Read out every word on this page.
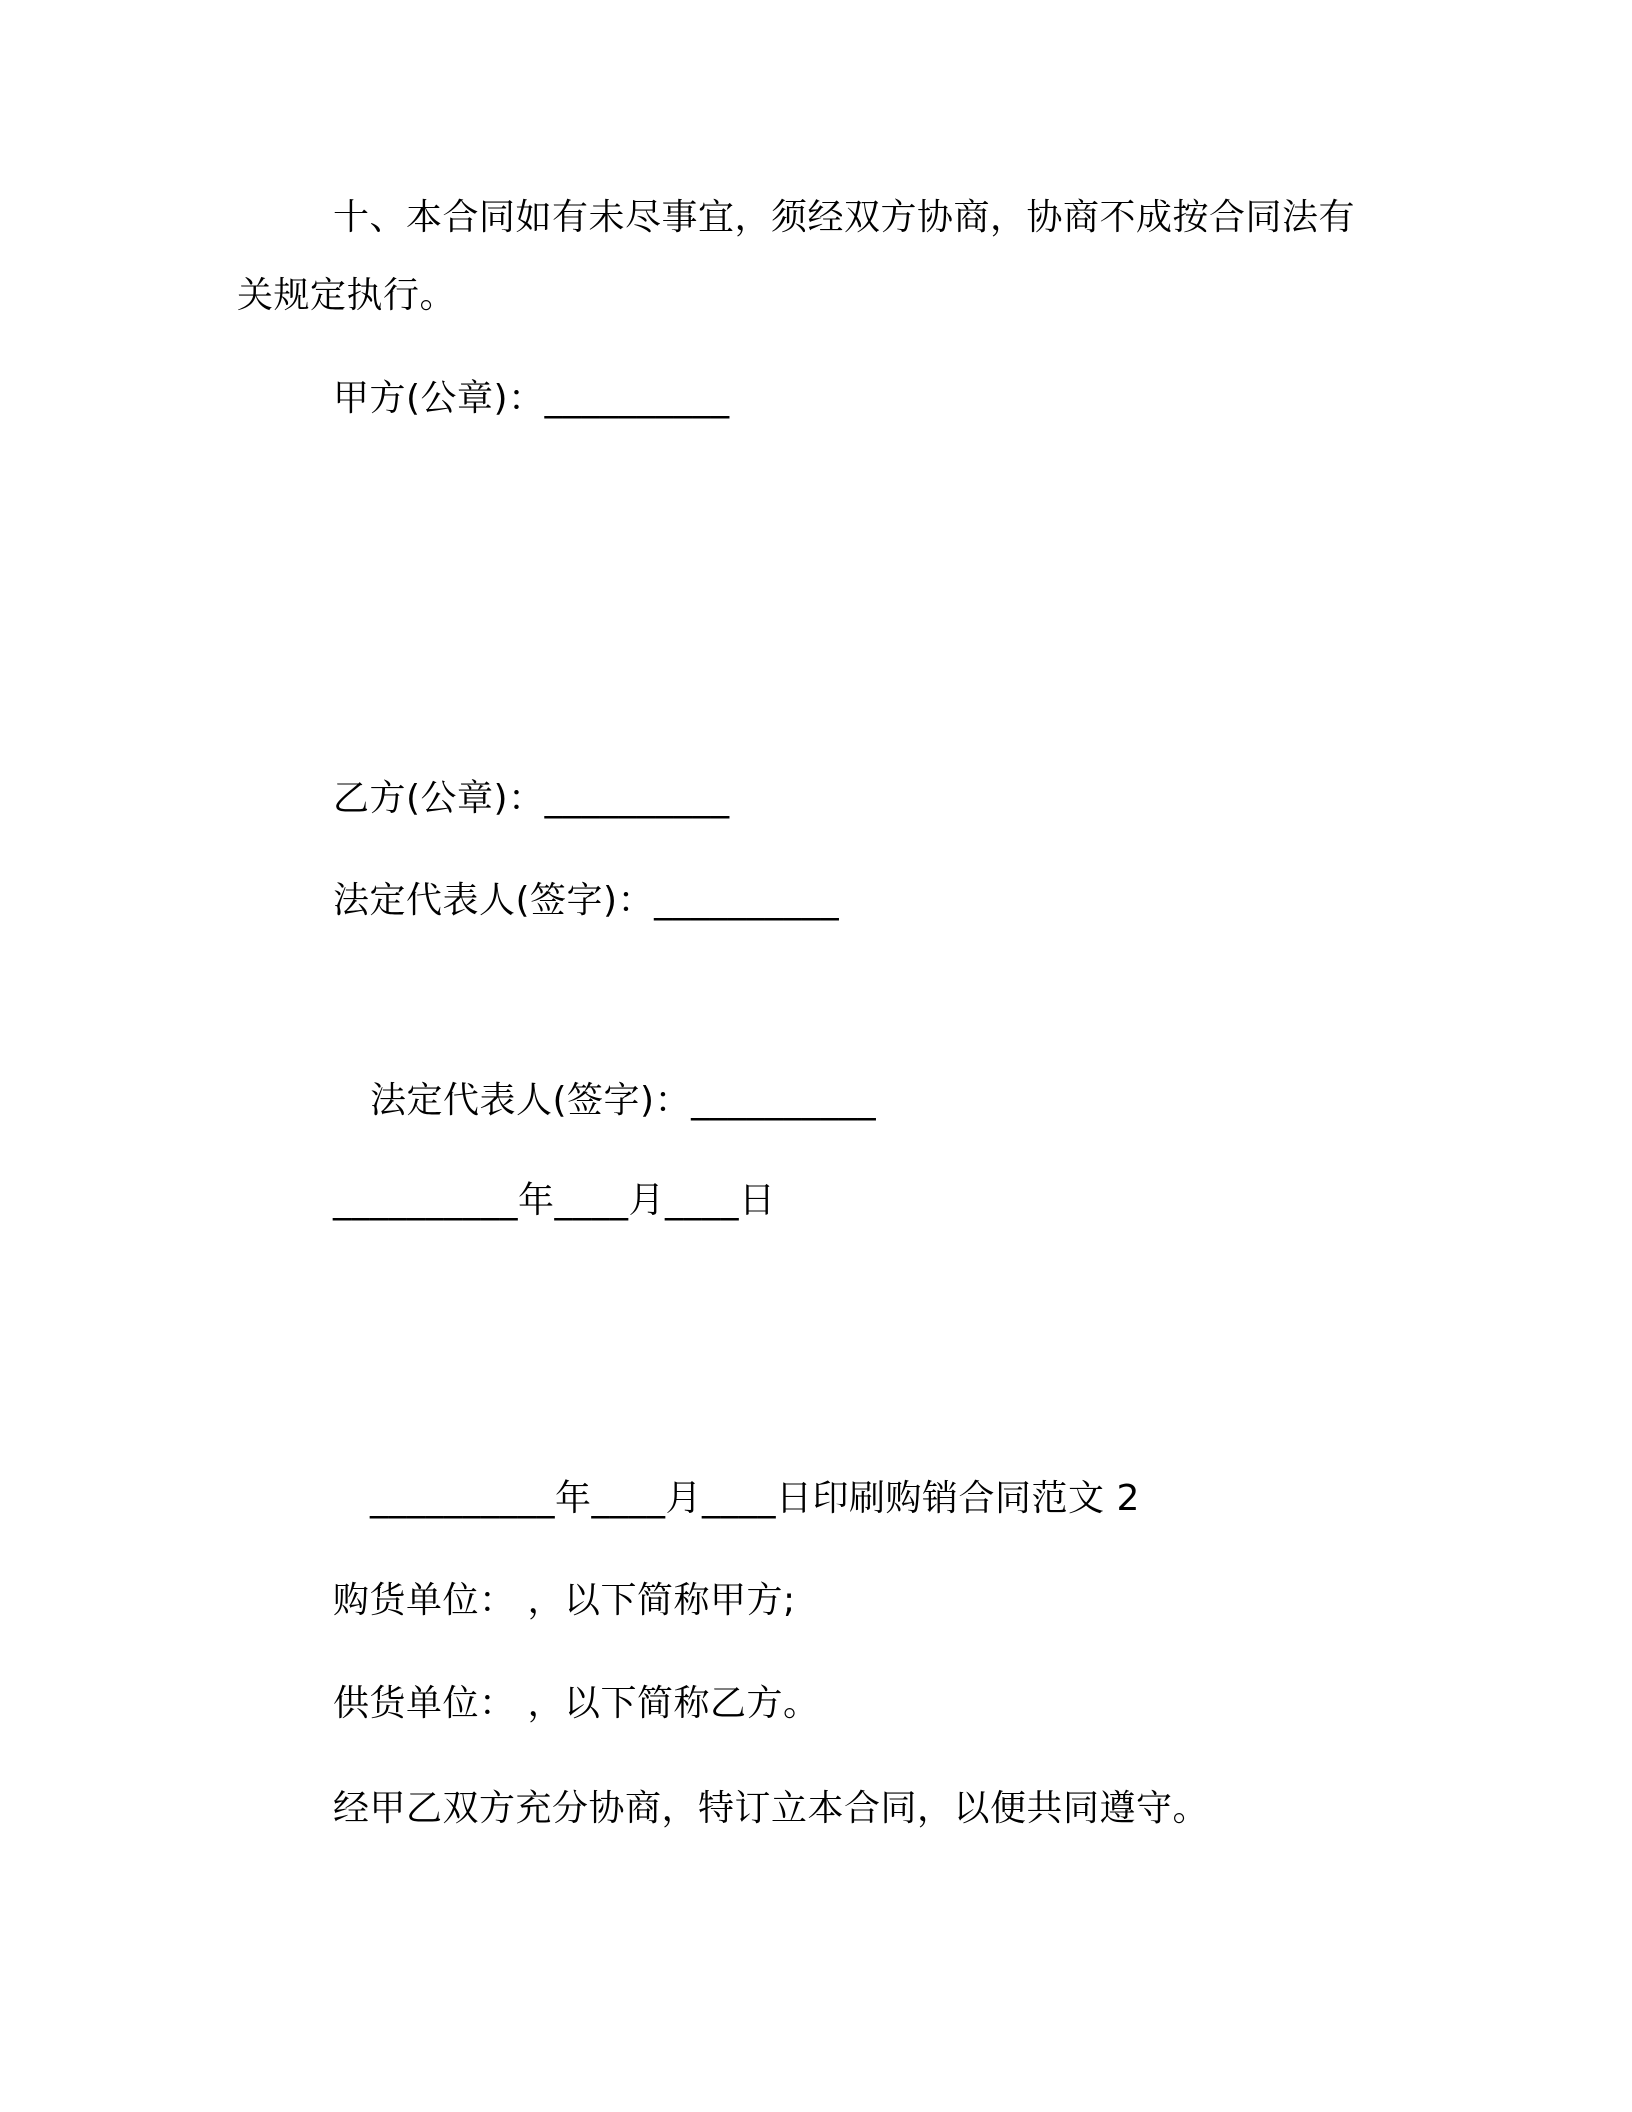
十、本合同如有未尽事宜，须经双方协商，协商不成按合同法有
关规定执行。
甲方(公章)：__________
乙方(公章)：__________
法定代表人(签字)：__________
法定代表人(签字)：__________
__________年____月____日
__________年____月____日印刷购销合同范文 2
购货单位： ，以下简称甲方;
供货单位： ，以下简称乙方。
经甲乙双方充分协商，特订立本合同，以便共同遵守。
